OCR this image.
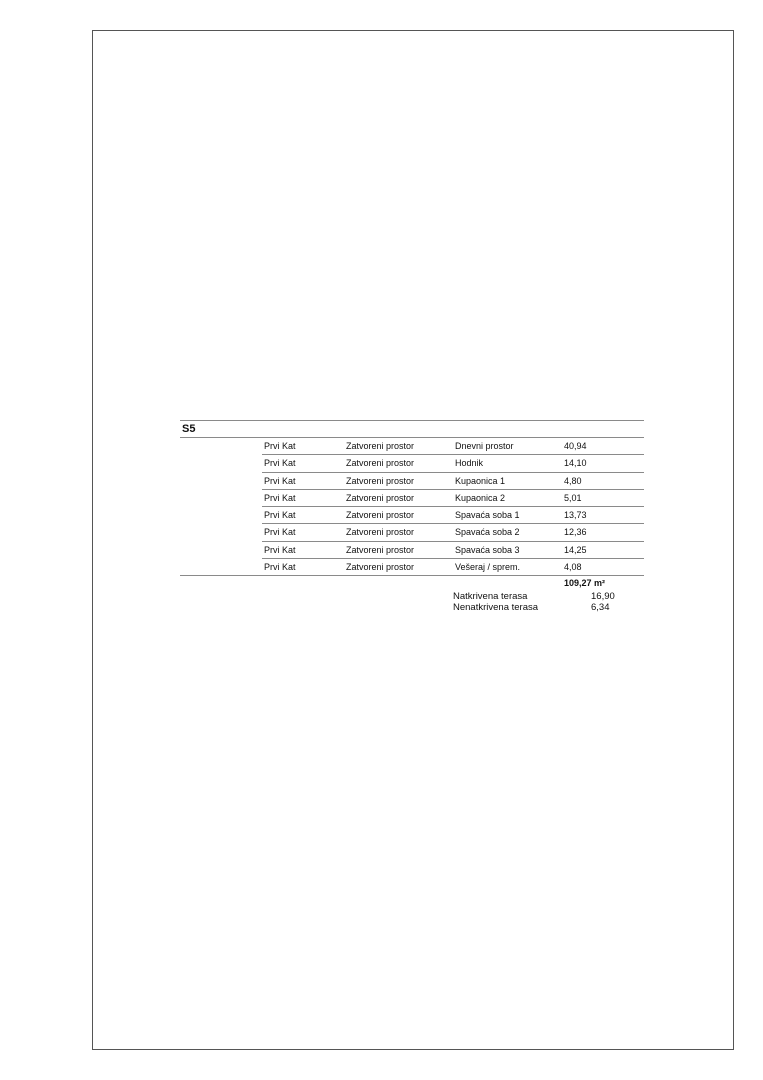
S5
Prvi Kat	Zatvoreni prostor	Dnevni prostor	40,94
Prvi Kat	Zatvoreni prostor	Hodnik	14,10
Prvi Kat	Zatvoreni prostor	Kupaonica 1	4,80
Prvi Kat	Zatvoreni prostor	Kupaonica 2	5,01
Prvi Kat	Zatvoreni prostor	Spavaća soba 1	13,73
Prvi Kat	Zatvoreni prostor	Spavaća soba 2	12,36
Prvi Kat	Zatvoreni prostor	Spavaća soba 3	14,25
Prvi Kat	Zatvoreni prostor	Vešeraj / sprem.	4,08
109,27 m²
Natkrivena terasa	16,90
Nenatkrivena terasa	6,34
